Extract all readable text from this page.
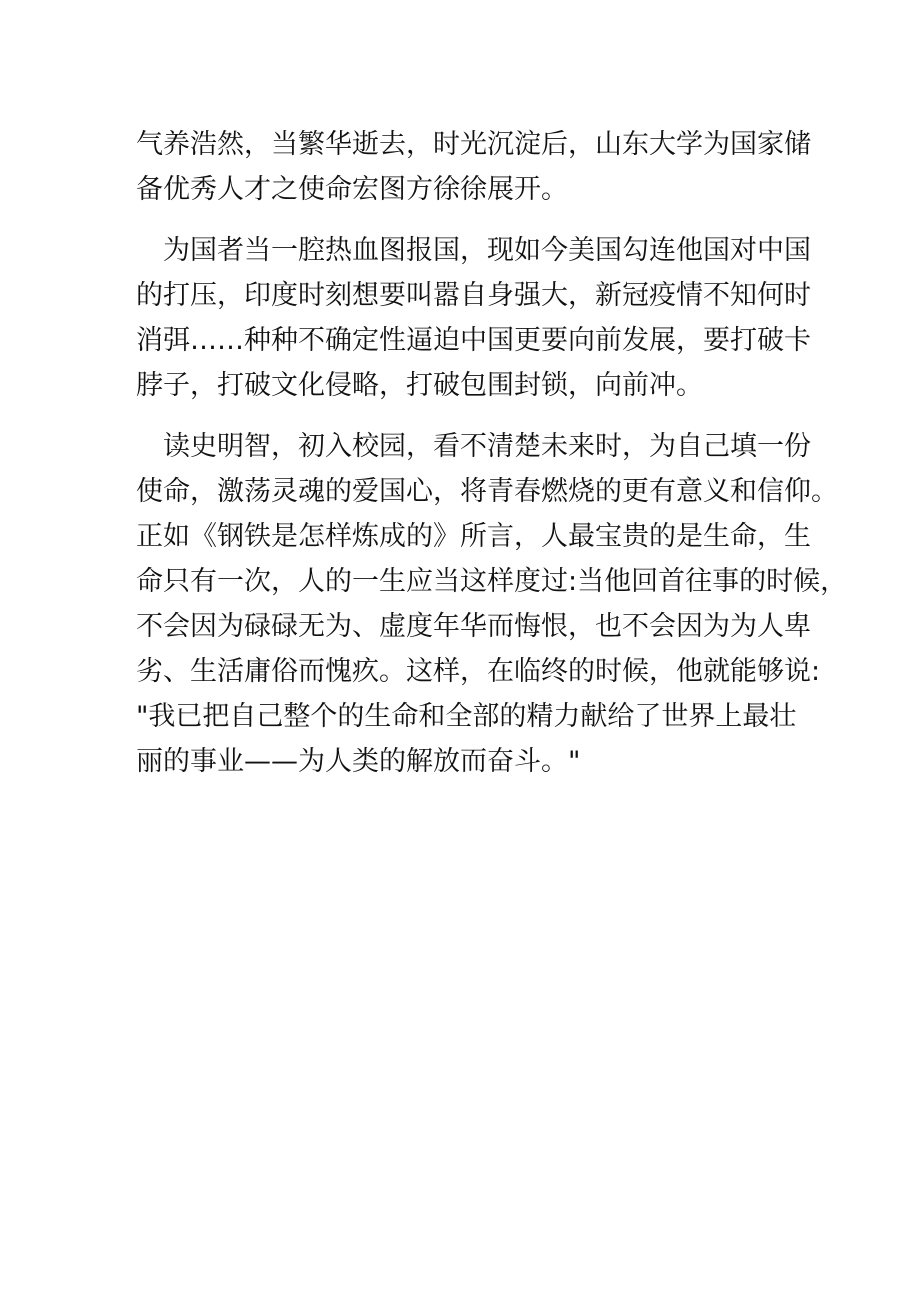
气养浩然，当繁华逝去，时光沉淀后，山东大学为国家储
备优秀人才之使命宏图方徐徐展开。

　为国者当一腔热血图报国，现如今美国勾连他国对中国
的打压，印度时刻想要叫嚣自身强大，新冠疫情不知何时
消弭……种种不确定性逼迫中国更要向前发展，要打破卡
脖子，打破文化侵略，打破包围封锁，向前冲。

　读史明智，初入校园，看不清楚未来时，为自己填一份
使命，激荡灵魂的爱国心，将青春燃烧的更有意义和信仰。
正如《钢铁是怎样炼成的》所言，人最宝贵的是生命，生
命只有一次，人的一生应当这样度过:当他回首往事的时候，
不会因为碌碌无为、虚度年华而悔恨，也不会因为为人卑
劣、生活庸俗而愧疚。这样，在临终的时候，他就能够说:
"我已把自己整个的生命和全部的精力献给了世界上最壮
丽的事业——为人类的解放而奋斗。"
